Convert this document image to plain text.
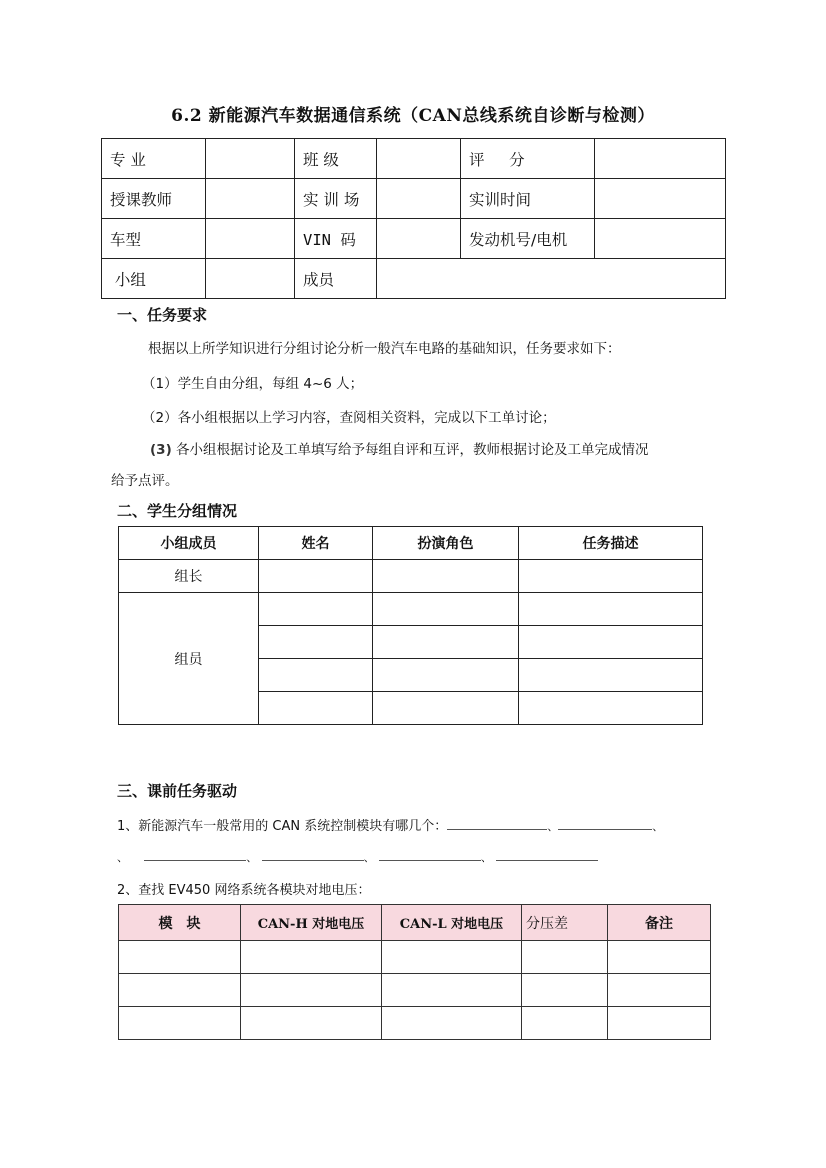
6.2 新能源汽车数据通信系统（CAN总线系统自诊断与检测）
专 业		班 级		评     分	
授课教师		实 训 场		实训时间	
车型		VIN 码		发动机号/电机	
小组		成员			
一、任务要求
根据以上所学知识进行分组讨论分析一般汽车电路的基础知识，任务要求如下：
（1）学生自由分组，每组 4~6 人；
（2）各小组根据以上学习内容，查阅相关资料，完成以下工单讨论；
(3) 各小组根据讨论及工单填写给予每组自评和互评，教师根据讨论及工单完成情况
给予点评。
二、学生分组情况
小组成员	姓名	扮演角色	任务描述
组长			
组员			

三、课前任务驱动
1、新能源汽车一般常用的 CAN 系统控制模块有哪几个：	、	、
、	、	、	、
2、查找 EV450 网络系统各模块对地电压：
模　块	CAN-H 对地电压	CAN-L 对地电压	分压差	备注
